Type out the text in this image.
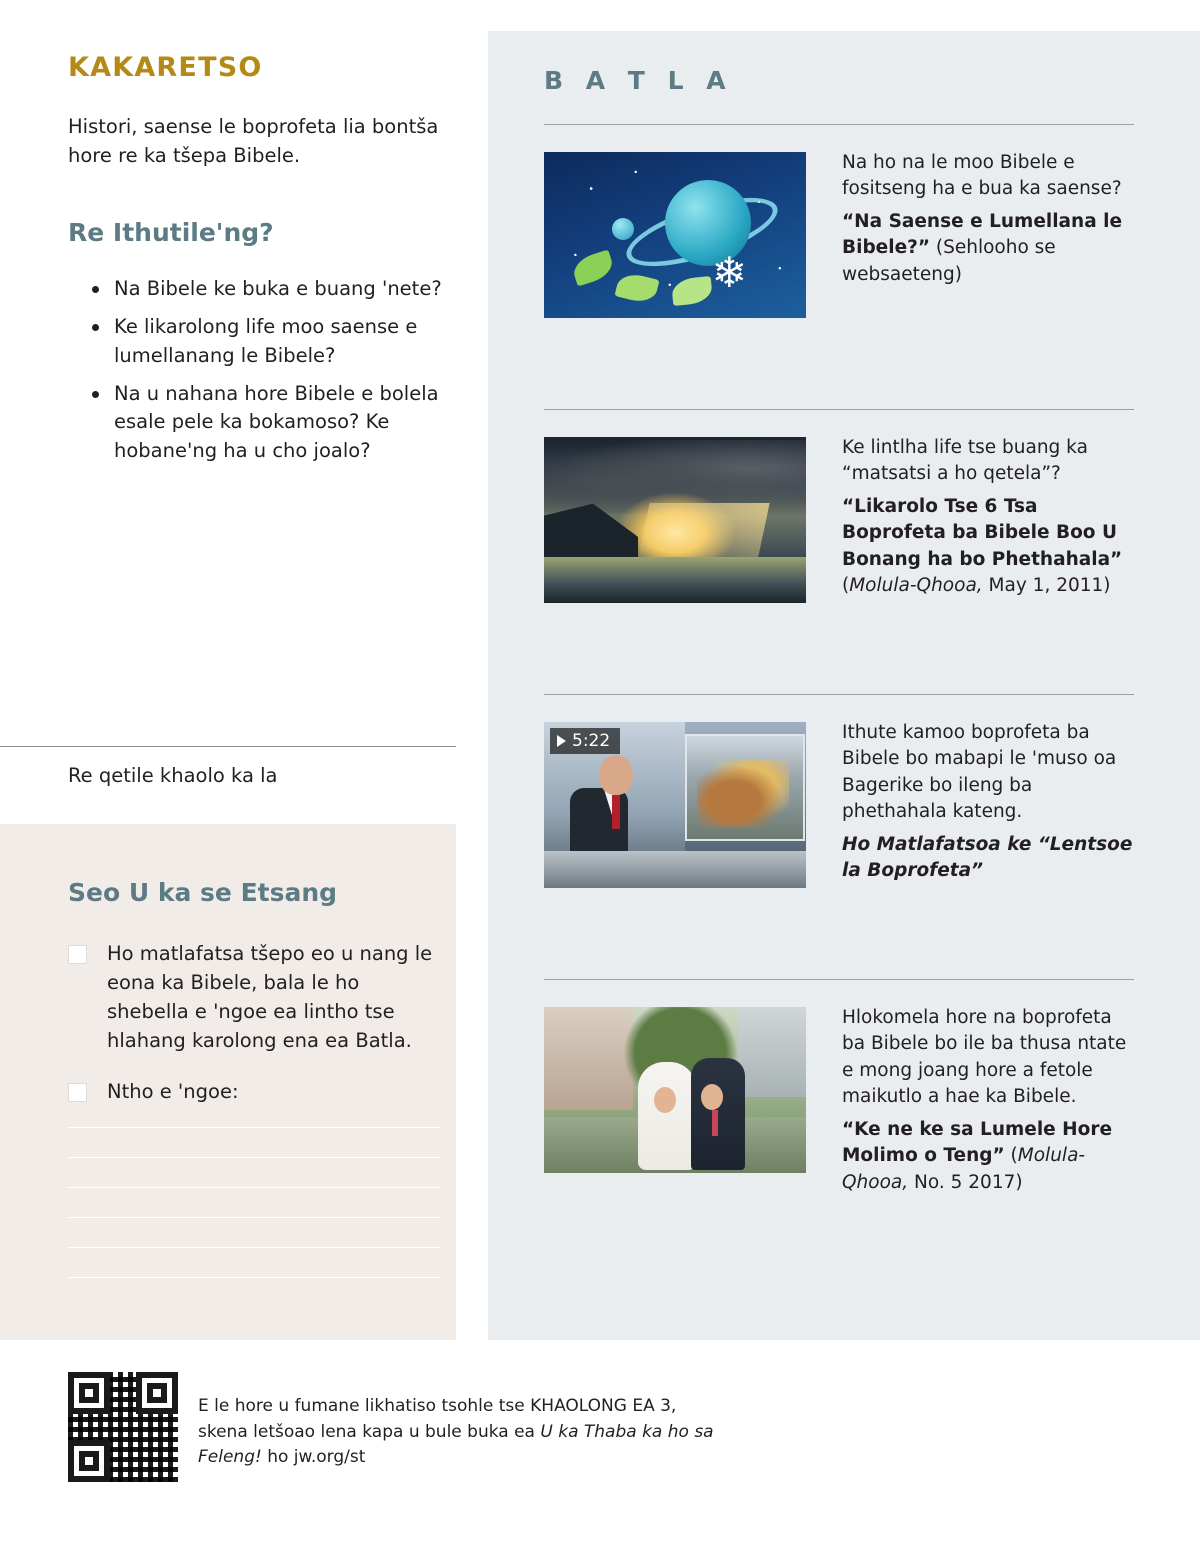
KAKARETSO
Histori, saense le boprofeta lia bontša hore re ka tšepa Bibele.
Re Ithutile'ng?
Na Bibele ke buka e buang 'nete?
Ke likarolong life moo saense e lumellanang le Bibele?
Na u nahana hore Bibele e bolela esale pele ka bokamoso? Ke hobane'ng ha u cho joalo?
Re qetile khaolo ka la
Seo U ka se Etsang
Ho matlafatsa tšepo eo u nang le eona ka Bibele, bala le ho shebella e 'ngoe ea lintho tse hlahang karolong ena ea Batla.
Ntho e 'ngoe:
B A T L A
❄

Na ho na le moo Bibele e fositseng ha e bua ka saense?

“Na Saense e Lumellana le Bibele?” (Sehlooho se websaeteng)

Ke lintlha life tse buang ka “matsatsi a ho qetela”?

“Likarolo Tse 6 Tsa Boprofeta ba Bibele Boo U Bonang ha bo Phethahala” (Molula-Qhooa, May 1, 2011)

5:22	Ithute kamoo boprofeta ba Bibele bo mabapi le 'muso oa Bagerike bo ileng ba phethahala kateng.

Ho Matlafatsoa ke “Lentsoe la Boprofeta”

Hlokomela hore na boprofeta ba Bibele bo ile ba thusa ntate e mong joang hore a fetole maikutlo a hae ka Bibele.

“Ke ne ke sa Lumele Hore Molimo o Teng” (Molula-Qhooa, No. 5 2017)

E le hore u fumane likhatiso tsohle tse KHAOLONG EA 3,
skena letšoao lena kapa u bule buka ea U ka Thaba ka ho sa
Feleng! ho jw.org/st
